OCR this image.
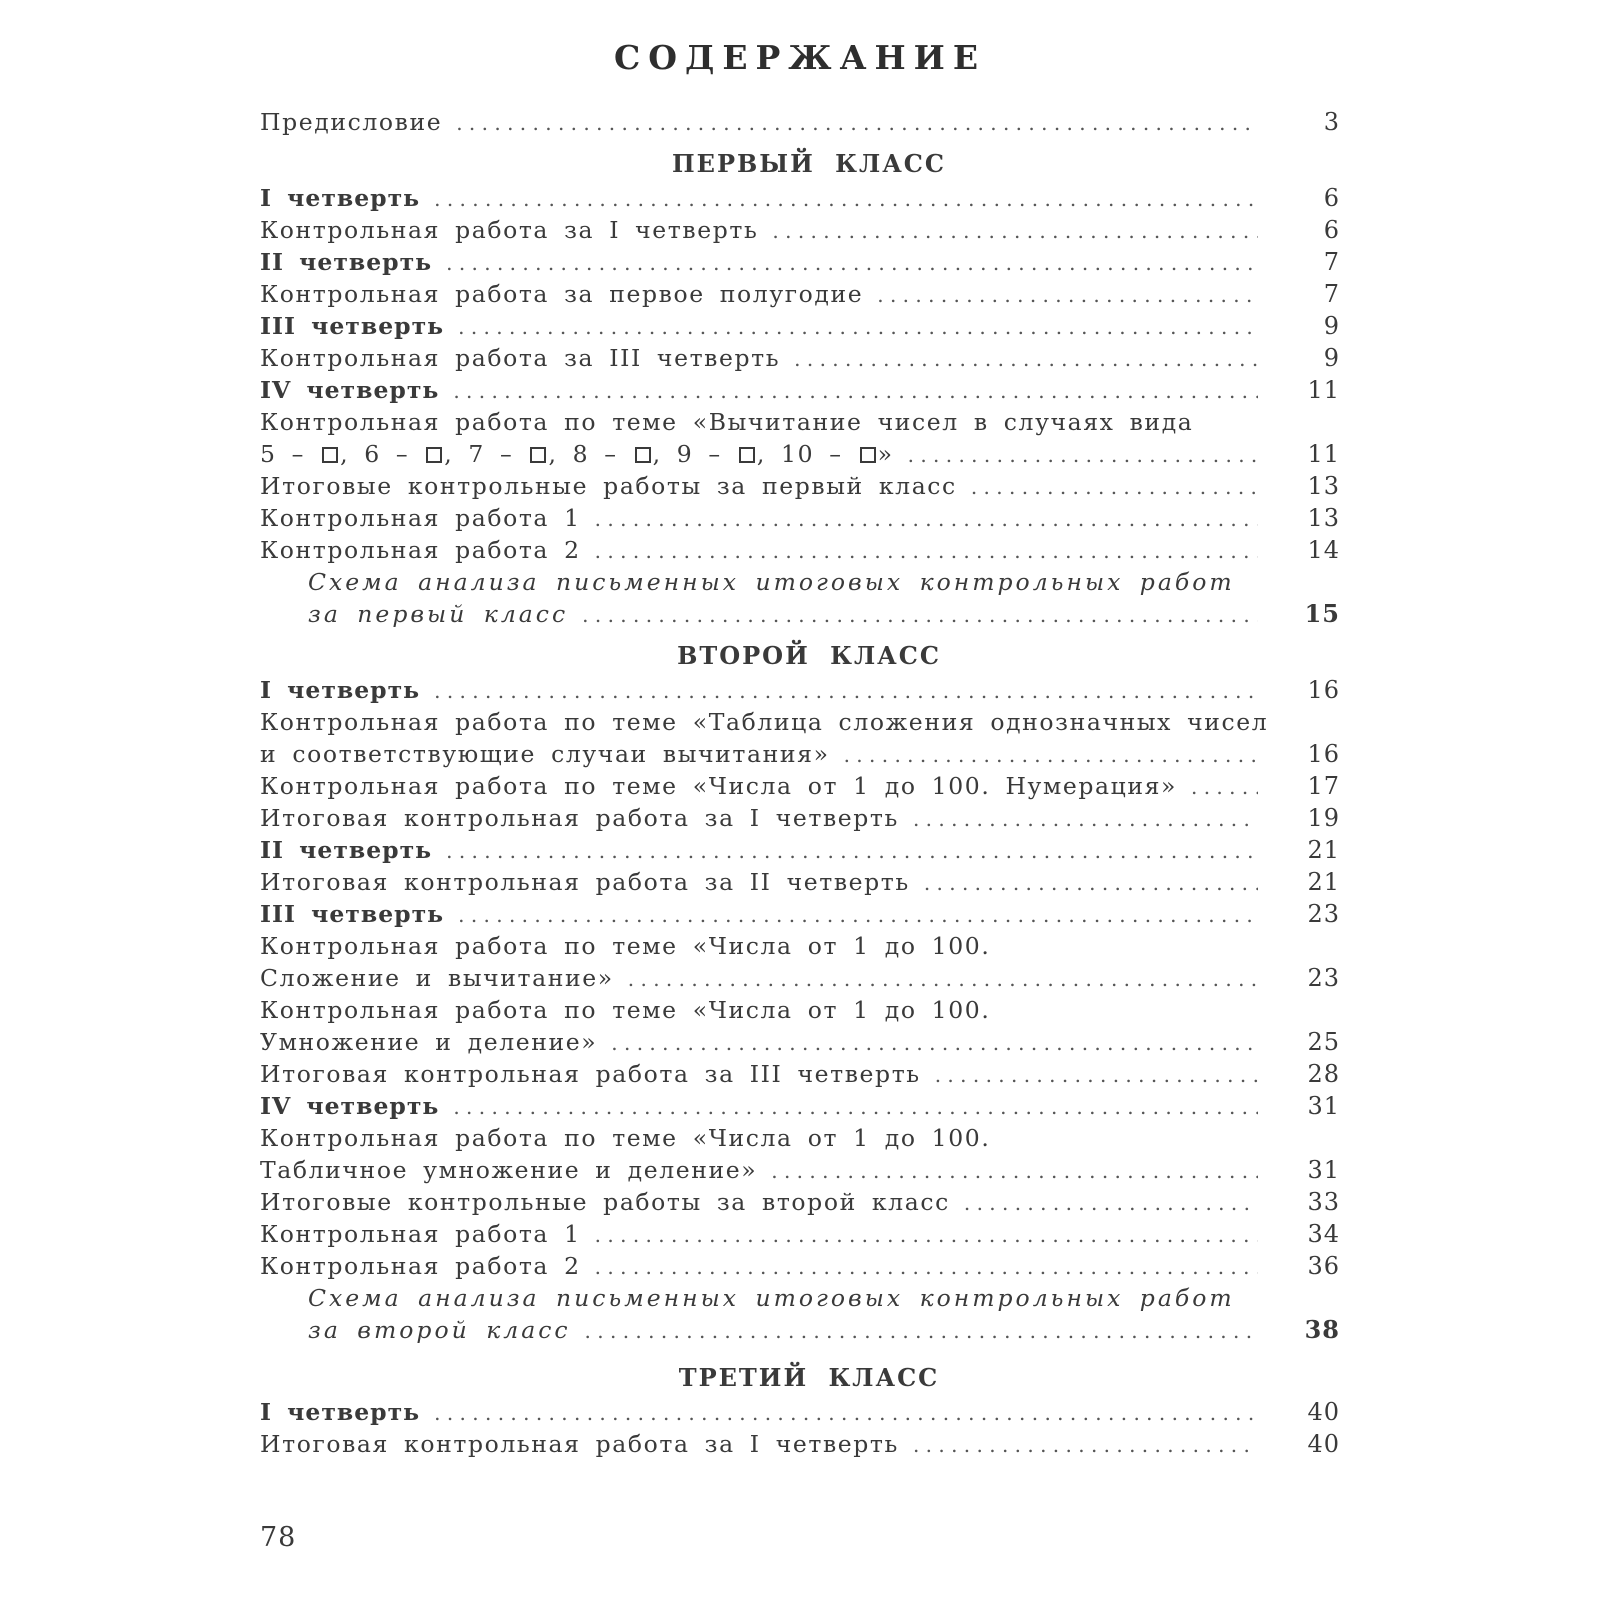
СОДЕРЖАНИЕ
Предисловие . . .	3
ПЕРВЫЙ КЛАСС
I четверть . . .	6
Контрольная работа за I четверть . . .	6
II четверть . . .	7
Контрольная работа за первое полугодие . . .	7
III четверть . . .	9
Контрольная работа за III четверть . . .	9
IV четверть . . .	11
Контрольная работа по теме «Вычитание чисел в случаях вида
5 – , 6 – , 7 – , 8 – , 9 – , 10 – » . . .	11
Итоговые контрольные работы за первый класс . . .	13
Контрольная работа 1 . . .	13
Контрольная работа 2 . . .	14
Схема анализа письменных итоговых контрольных работ
за первый класс . . .	15
ВТОРОЙ КЛАСС
I четверть . . .	16
Контрольная работа по теме «Таблица сложения однозначных чисел
и соответствующие случаи вычитания» . . .	16
Контрольная работа по теме «Числа от 1 до 100. Нумерация» . . .	17
Итоговая контрольная работа за I четверть . . .	19
II четверть . . .	21
Итоговая контрольная работа за II четверть . . .	21
III четверть . . .	23
Контрольная работа по теме «Числа от 1 до 100.
Сложение и вычитание» . . .	23
Контрольная работа по теме «Числа от 1 до 100.
Умножение и деление» . . .	25
Итоговая контрольная работа за III четверть . . .	28
IV четверть . . .	31
Контрольная работа по теме «Числа от 1 до 100.
Табличное умножение и деление» . . .	31
Итоговые контрольные работы за второй класс . . .	33
Контрольная работа 1 . . .	34
Контрольная работа 2 . . .	36
Схема анализа письменных итоговых контрольных работ
за второй класс . . .	38
ТРЕТИЙ КЛАСС
I четверть . . .	40
Итоговая контрольная работа за I четверть . . .	40
78
